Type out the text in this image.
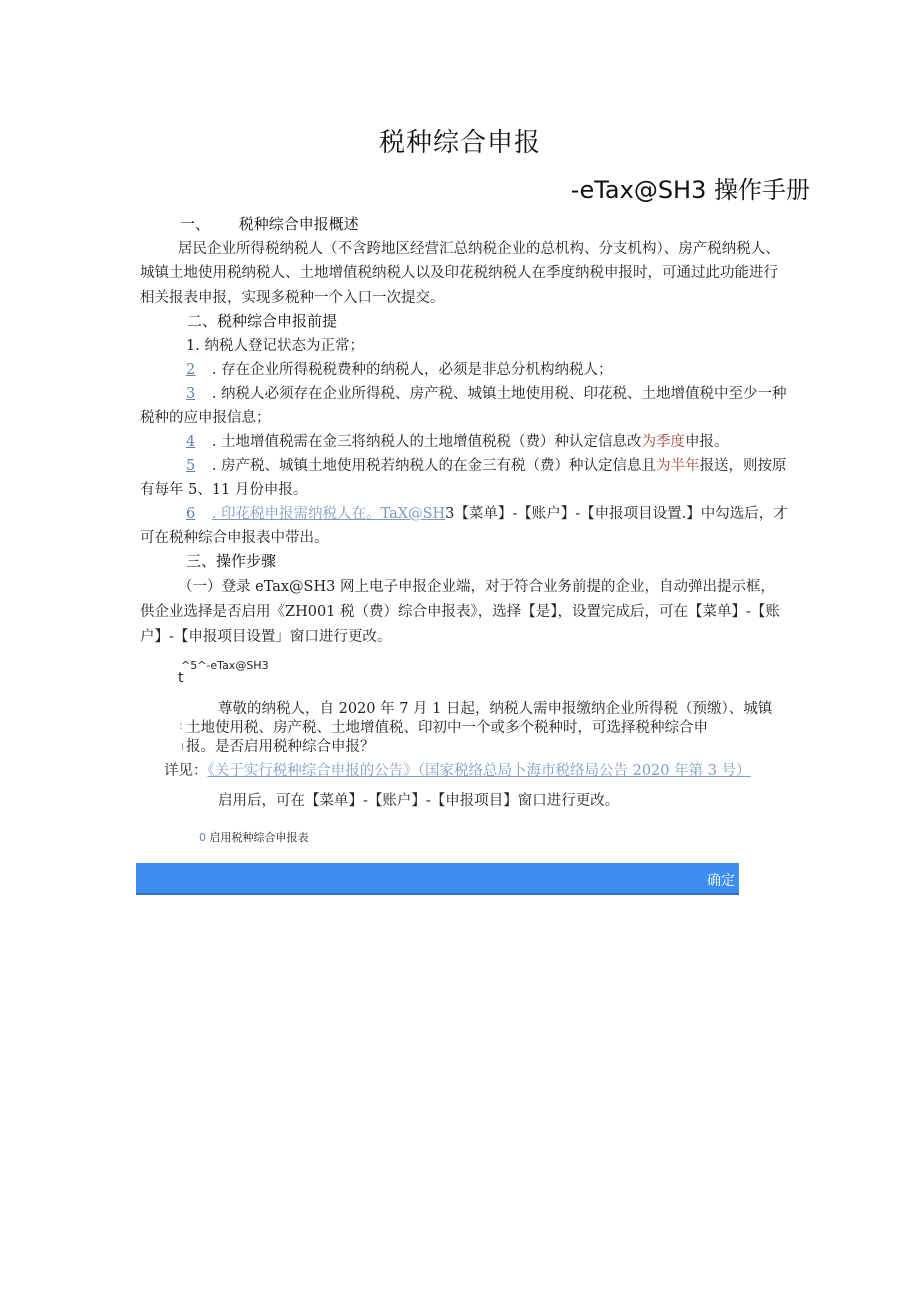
税种综合申报
-eTax@SH3 操作手册
一、 税种综合申报概述
居民企业所得税纳税人（不含跨地区经营汇总纳税企业的总机构、分支机构）、房产税纳税人、
城镇土地使用税纳税人、土地增值税纳税人以及印花税纳税人在季度纳税申报时，可通过此功能进行
相关报表申报，实现多税种一个入口一次提交。
二、税种综合申报前提
1. 纳税人登记状态为正常；
2 . 存在企业所得税税费种的纳税人，必须是非总分机构纳税人；
3 . 纳税人必须存在企业所得税、房产税、城镇土地使用税、印花税、土地增值税中至少一种
税种的应申报信息；
4 . 土地增值税需在金三将纳税人的土地增值税税（费）种认定信息改为季度申报。
5 . 房产税、城镇土地使用税若纳税人的在金三有税（费）种认定信息且为半年报送，则按原
有每年 5、11 月份申报。
6 . 印花税申报需纳税人在。TaX@SH3【菜单】-【账户】-【申报项目设置.】中勾选后，才
可在税种综合申报表中带出。
三、操作步骤
（一）登录 eTax@SH3 网上电子申报企业端，对于符合业务前提的企业，自动弹出提示框，
供企业选择是否启用《ZH001 税（费）综合申报表》，选择【是】，设置完成后，可在【菜单】-【账
户】-【申报项目设置」窗口进行更改。
^5^-eTax@SH3
t
尊敬的纳税人，自 2020 年 7 月 1 日起，纳税人需申报缴纳企业所得税（预缴）、城镇
: 土地使用税、房产税、土地增值税、印初中一个或多个税种时，可选择税种综合申
। 报。是否启用税种综合申报？
详见：《关于实行税种综合申报的公告》（国家税络总局卜海市税络局公告 2020 年第 3 号）
启用后，可在【菜单】-【账户】-【申报项目】窗口进行更改。
0 启用税种综合申报表
确定
